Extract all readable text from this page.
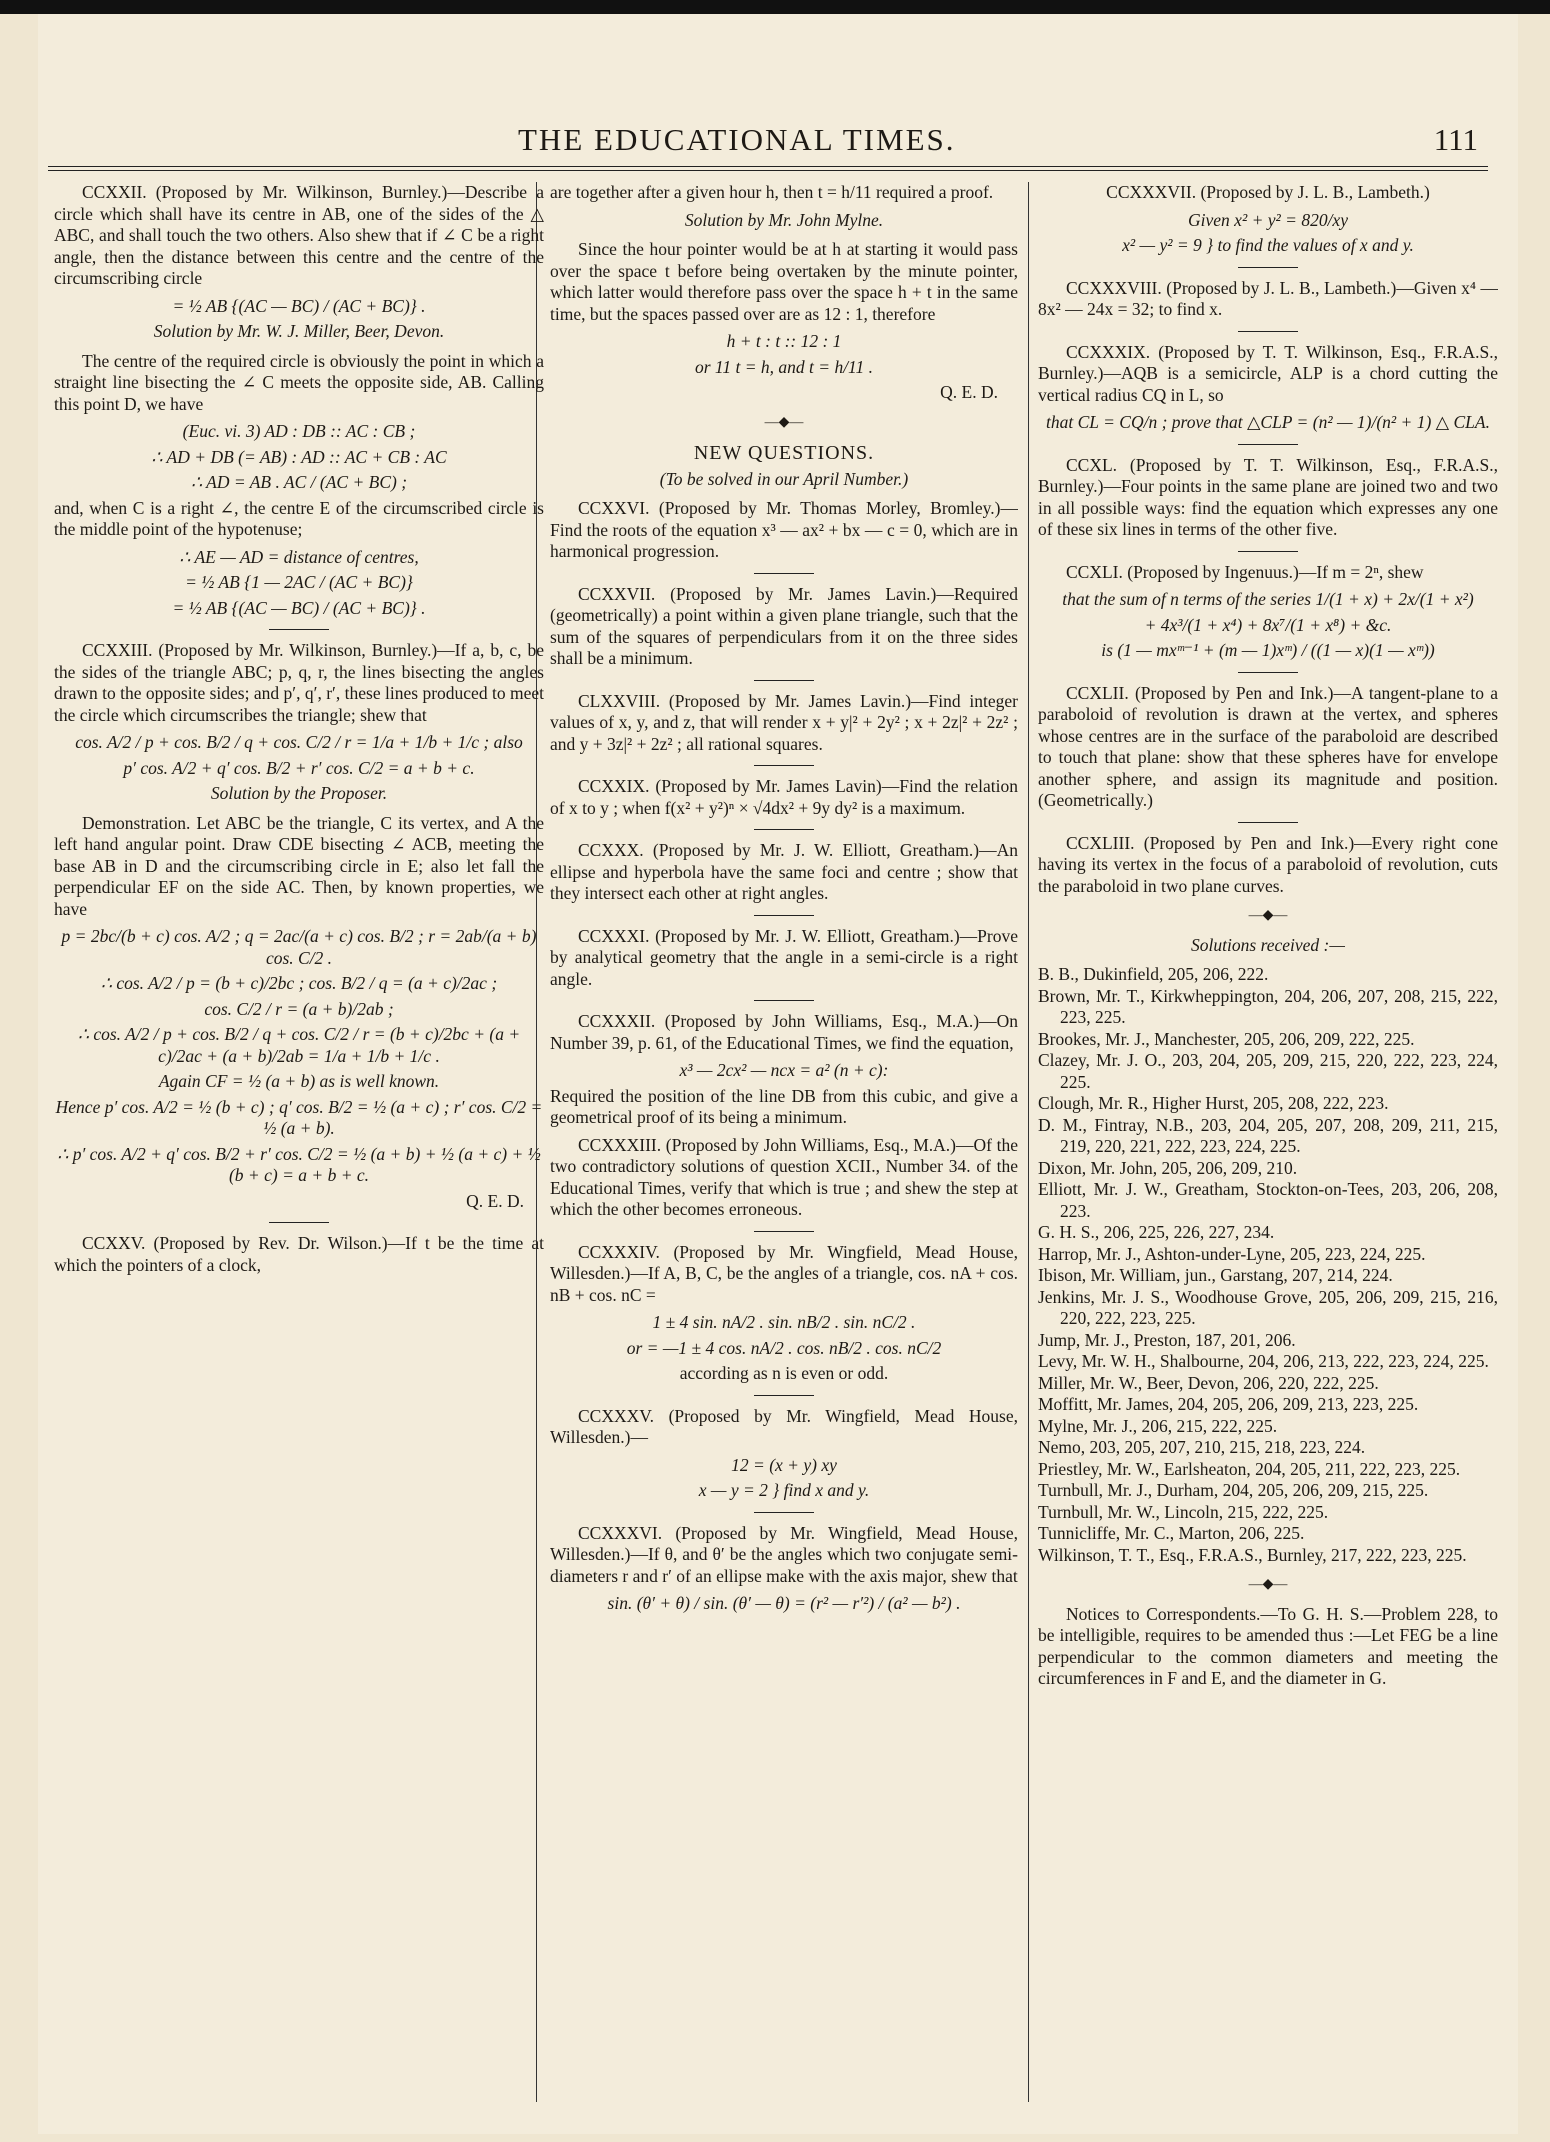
THE EDUCATIONAL TIMES.	111

CCXXII. (Proposed by Mr. Wilkinson, Burnley.)—Describe a circle which shall have its centre in AB, one of the sides of the △ ABC, and shall touch the two others. Also shew that if ∠ C be a right angle, then the distance between this centre and the centre of the circumscribing circle

= ½ AB {(AC — BC) / (AC + BC)} .

Solution by Mr. W. J. Miller, Beer, Devon.

The centre of the required circle is obviously the point in which a straight line bisecting the ∠ C meets the opposite side, AB. Calling this point D, we have

(Euc. vi. 3) AD : DB :: AC : CB ;

∴ AD + DB (= AB) : AD :: AC + CB : AC

∴ AD = AB . AC / (AC + BC) ;

and, when C is a right ∠, the centre E of the circumscribed circle is the middle point of the hypotenuse;

∴ AE — AD = distance of centres,

= ½ AB {1 — 2AC / (AC + BC)}

= ½ AB {(AC — BC) / (AC + BC)} .

CCXXIII. (Proposed by Mr. Wilkinson, Burnley.)—If a, b, c, be the sides of the triangle ABC; p, q, r, the lines bisecting the angles drawn to the opposite sides; and p′, q′, r′, these lines produced to meet the circle which circumscribes the triangle; shew that

cos. A/2 / p + cos. B/2 / q + cos. C/2 / r = 1/a + 1/b + 1/c ; also

p′ cos. A/2 + q′ cos. B/2 + r′ cos. C/2 = a + b + c.

Solution by the Proposer.

Demonstration. Let ABC be the triangle, C its vertex, and A the left hand angular point. Draw CDE bisecting ∠ ACB, meeting the base AB in D and the circumscribing circle in E; also let fall the perpendicular EF on the side AC. Then, by known properties, we have

p = 2bc/(b + c) cos. A/2 ; q = 2ac/(a + c) cos. B/2 ; r = 2ab/(a + b) cos. C/2 .

∴ cos. A/2 / p = (b + c)/2bc ; cos. B/2 / q = (a + c)/2ac ;

cos. C/2 / r = (a + b)/2ab ;

∴ cos. A/2 / p + cos. B/2 / q + cos. C/2 / r = (b + c)/2bc + (a + c)/2ac + (a + b)/2ab = 1/a + 1/b + 1/c .

Again CF = ½ (a + b) as is well known.

Hence p′ cos. A/2 = ½ (b + c) ; q′ cos. B/2 = ½ (a + c) ; r′ cos. C/2 = ½ (a + b).

∴ p′ cos. A/2 + q′ cos. B/2 + r′ cos. C/2 = ½ (a + b) + ½ (a + c) + ½ (b + c) = a + b + c.

Q. E. D.

CCXXV. (Proposed by Rev. Dr. Wilson.)—If t be the time at which the pointers of a clock,

are together after a given hour h, then t = h/11 required a proof.

Solution by Mr. John Mylne.

Since the hour pointer would be at h at starting it would pass over the space t before being overtaken by the minute pointer, which latter would therefore pass over the space h + t in the same time, but the spaces passed over are as 12 : 1, therefore

h + t : t :: 12 : 1

or 11 t = h, and t = h/11 .

Q. E. D.

—◆—

NEW QUESTIONS.

(To be solved in our April Number.)

CCXXVI. (Proposed by Mr. Thomas Morley, Bromley.)—Find the roots of the equation x³ — ax² + bx — c = 0, which are in harmonical progression.

CCXXVII. (Proposed by Mr. James Lavin.)—Required (geometrically) a point within a given plane triangle, such that the sum of the squares of perpendiculars from it on the three sides shall be a minimum.

CLXXVIII. (Proposed by Mr. James Lavin.)—Find integer values of x, y, and z, that will render x + y|² + 2y² ; x + 2z|² + 2z² ; and y + 3z|² + 2z² ; all rational squares.

CCXXIX. (Proposed by Mr. James Lavin)—Find the relation of x to y ; when f(x² + y²)ⁿ × √4dx² + 9y dy² is a maximum.

CCXXX. (Proposed by Mr. J. W. Elliott, Greatham.)—An ellipse and hyperbola have the same foci and centre ; show that they intersect each other at right angles.

CCXXXI. (Proposed by Mr. J. W. Elliott, Greatham.)—Prove by analytical geometry that the angle in a semi-circle is a right angle.

CCXXXII. (Proposed by John Williams, Esq., M.A.)—On Number 39, p. 61, of the Educational Times, we find the equation,

x³ — 2cx² — ncx = a² (n + c):

Required the position of the line DB from this cubic, and give a geometrical proof of its being a minimum.

CCXXXIII. (Proposed by John Williams, Esq., M.A.)—Of the two contradictory solutions of question XCII., Number 34. of the Educational Times, verify that which is true ; and shew the step at which the other becomes erroneous.

CCXXXIV. (Proposed by Mr. Wingfield, Mead House, Willesden.)—If A, B, C, be the angles of a triangle, cos. nA + cos. nB + cos. nC =

1 ± 4 sin. nA/2 . sin. nB/2 . sin. nC/2 .

or = —1 ± 4 cos. nA/2 . cos. nB/2 . cos. nC/2

according as n is even or odd.

CCXXXV. (Proposed by Mr. Wingfield, Mead House, Willesden.)—

12 = (x + y) xy

x — y = 2 } find x and y.

CCXXXVI. (Proposed by Mr. Wingfield, Mead House, Willesden.)—If θ, and θ′ be the angles which two conjugate semi-diameters r and r′ of an ellipse make with the axis major, shew that

sin. (θ′ + θ) / sin. (θ′ — θ) = (r² — r′²) / (a² — b²) .

CCXXXVII. (Proposed by J. L. B., Lambeth.)

Given x² + y² = 820/xy

x² — y² = 9 } to find the values of x and y.

CCXXXVIII. (Proposed by J. L. B., Lambeth.)—Given x⁴ — 8x² — 24x = 32; to find x.

CCXXXIX. (Proposed by T. T. Wilkinson, Esq., F.R.A.S., Burnley.)—AQB is a semicircle, ALP is a chord cutting the vertical radius CQ in L, so

that CL = CQ/n ; prove that △CLP = (n² — 1)/(n² + 1) △ CLA.

CCXL. (Proposed by T. T. Wilkinson, Esq., F.R.A.S., Burnley.)—Four points in the same plane are joined two and two in all possible ways: find the equation which expresses any one of these six lines in terms of the other five.

CCXLI. (Proposed by Ingenuus.)—If m = 2ⁿ, shew

that the sum of n terms of the series 1/(1 + x) + 2x/(1 + x²)

+ 4x³/(1 + x⁴) + 8x⁷/(1 + x⁸) + &c.

is (1 — mxᵐ⁻¹ + (m — 1)xᵐ) / ((1 — x)(1 — xᵐ))

CCXLII. (Proposed by Pen and Ink.)—A tangent-plane to a paraboloid of revolution is drawn at the vertex, and spheres whose centres are in the surface of the paraboloid are described to touch that plane: show that these spheres have for envelope another sphere, and assign its magnitude and position. (Geometrically.)

CCXLIII. (Proposed by Pen and Ink.)—Every right cone having its vertex in the focus of a paraboloid of revolution, cuts the paraboloid in two plane curves.

—◆—

Solutions received :—

B. B., Dukinfield, 205, 206, 222.

Brown, Mr. T., Kirkwheppington, 204, 206, 207, 208, 215, 222, 223, 225.

Brookes, Mr. J., Manchester, 205, 206, 209, 222, 225.

Clazey, Mr. J. O., 203, 204, 205, 209, 215, 220, 222, 223, 224, 225.

Clough, Mr. R., Higher Hurst, 205, 208, 222, 223.

D. M., Fintray, N.B., 203, 204, 205, 207, 208, 209, 211, 215, 219, 220, 221, 222, 223, 224, 225.

Dixon, Mr. John, 205, 206, 209, 210.

Elliott, Mr. J. W., Greatham, Stockton-on-Tees, 203, 206, 208, 223.

G. H. S., 206, 225, 226, 227, 234.

Harrop, Mr. J., Ashton-under-Lyne, 205, 223, 224, 225.

Ibison, Mr. William, jun., Garstang, 207, 214, 224.

Jenkins, Mr. J. S., Woodhouse Grove, 205, 206, 209, 215, 216, 220, 222, 223, 225.

Jump, Mr. J., Preston, 187, 201, 206.

Levy, Mr. W. H., Shalbourne, 204, 206, 213, 222, 223, 224, 225.

Miller, Mr. W., Beer, Devon, 206, 220, 222, 225.

Moffitt, Mr. James, 204, 205, 206, 209, 213, 223, 225.

Mylne, Mr. J., 206, 215, 222, 225.

Nemo, 203, 205, 207, 210, 215, 218, 223, 224.

Priestley, Mr. W., Earlsheaton, 204, 205, 211, 222, 223, 225.

Turnbull, Mr. J., Durham, 204, 205, 206, 209, 215, 225.

Turnbull, Mr. W., Lincoln, 215, 222, 225.

Tunnicliffe, Mr. C., Marton, 206, 225.

Wilkinson, T. T., Esq., F.R.A.S., Burnley, 217, 222, 223, 225.

—◆—

Notices to Correspondents.—To G. H. S.—Problem 228, to be intelligible, requires to be amended thus :—Let FEG be a line perpendicular to the common diameters and meeting the circumferences in F and E, and the diameter in G.
